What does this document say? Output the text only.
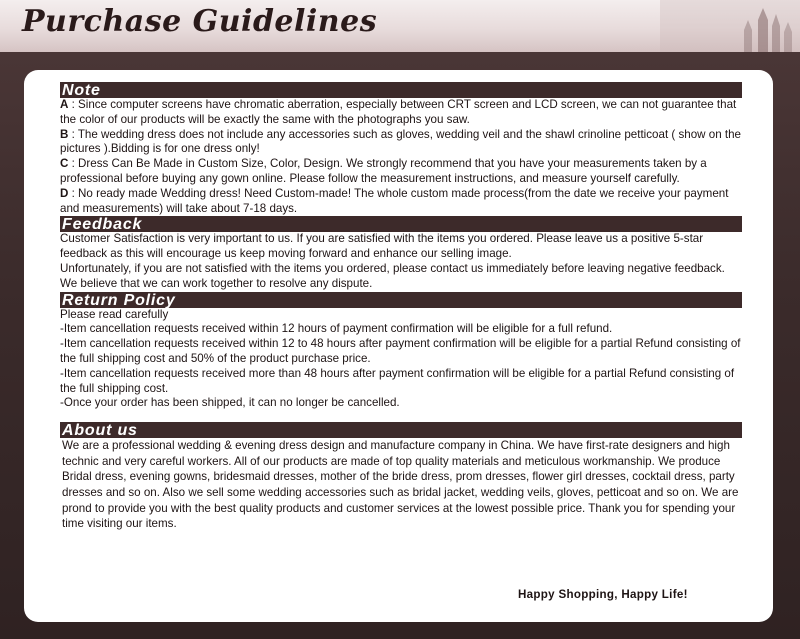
Purchase Guidelines
Note

A : Since computer screens have chromatic aberration, especially between CRT screen and LCD screen, we can not guarantee that the color of our products will be exactly the same with the photographs you saw.

B : The wedding dress does not include any accessories such as gloves, wedding veil and the shawl crinoline petticoat ( show on the pictures ).Bidding is for one dress only!

C : Dress Can Be Made in Custom Size, Color, Design. We strongly recommend that you have your measurements taken by a professional before buying any gown online. Please follow the measurement instructions, and measure yourself carefully.

D : No ready made Wedding dress! Need Custom-made! The whole custom made process(from the date we receive your payment and measurements) will take about 7-18 days.

Feedback

Customer Satisfaction is very important to us. If you are satisfied with the items you ordered. Please leave us a positive 5-star feedback as this will encourage us keep moving forward and enhance our selling image.

Unfortunately, if you are not satisfied with the items you ordered, please contact us immediately before leaving negative feedback. We believe that we can work together to resolve any dispute.

Return Policy

Please read carefully

-Item cancellation requests received within 12 hours of payment confirmation will be eligible for a full refund.

-Item cancellation requests received within 12 to 48 hours after payment confirmation will be eligible for a partial Refund consisting of the full shipping cost and 50% of the product purchase price.

-Item cancellation requests received more than 48 hours after payment confirmation will be eligible for a partial Refund consisting of the full shipping cost.

-Once your order has been shipped, it can no longer be cancelled.

About us

We are a professional wedding & evening dress design and manufacture company in China. We have first-rate designers and high technic and very careful workers. All of our products are made of top quality materials and meticulous workmanship. We produce Bridal dress, evening gowns, bridesmaid dresses, mother of the bride dress, prom dresses, flower girl dresses, cocktail dress, party dresses and so on. Also we sell some wedding accessories such as bridal jacket, wedding veils, gloves, petticoat and so on. We are prond to provide you with the best quality products and customer services at the lowest possible price. Thank you for spending your time visiting our items.

Happy Shopping, Happy Life!
